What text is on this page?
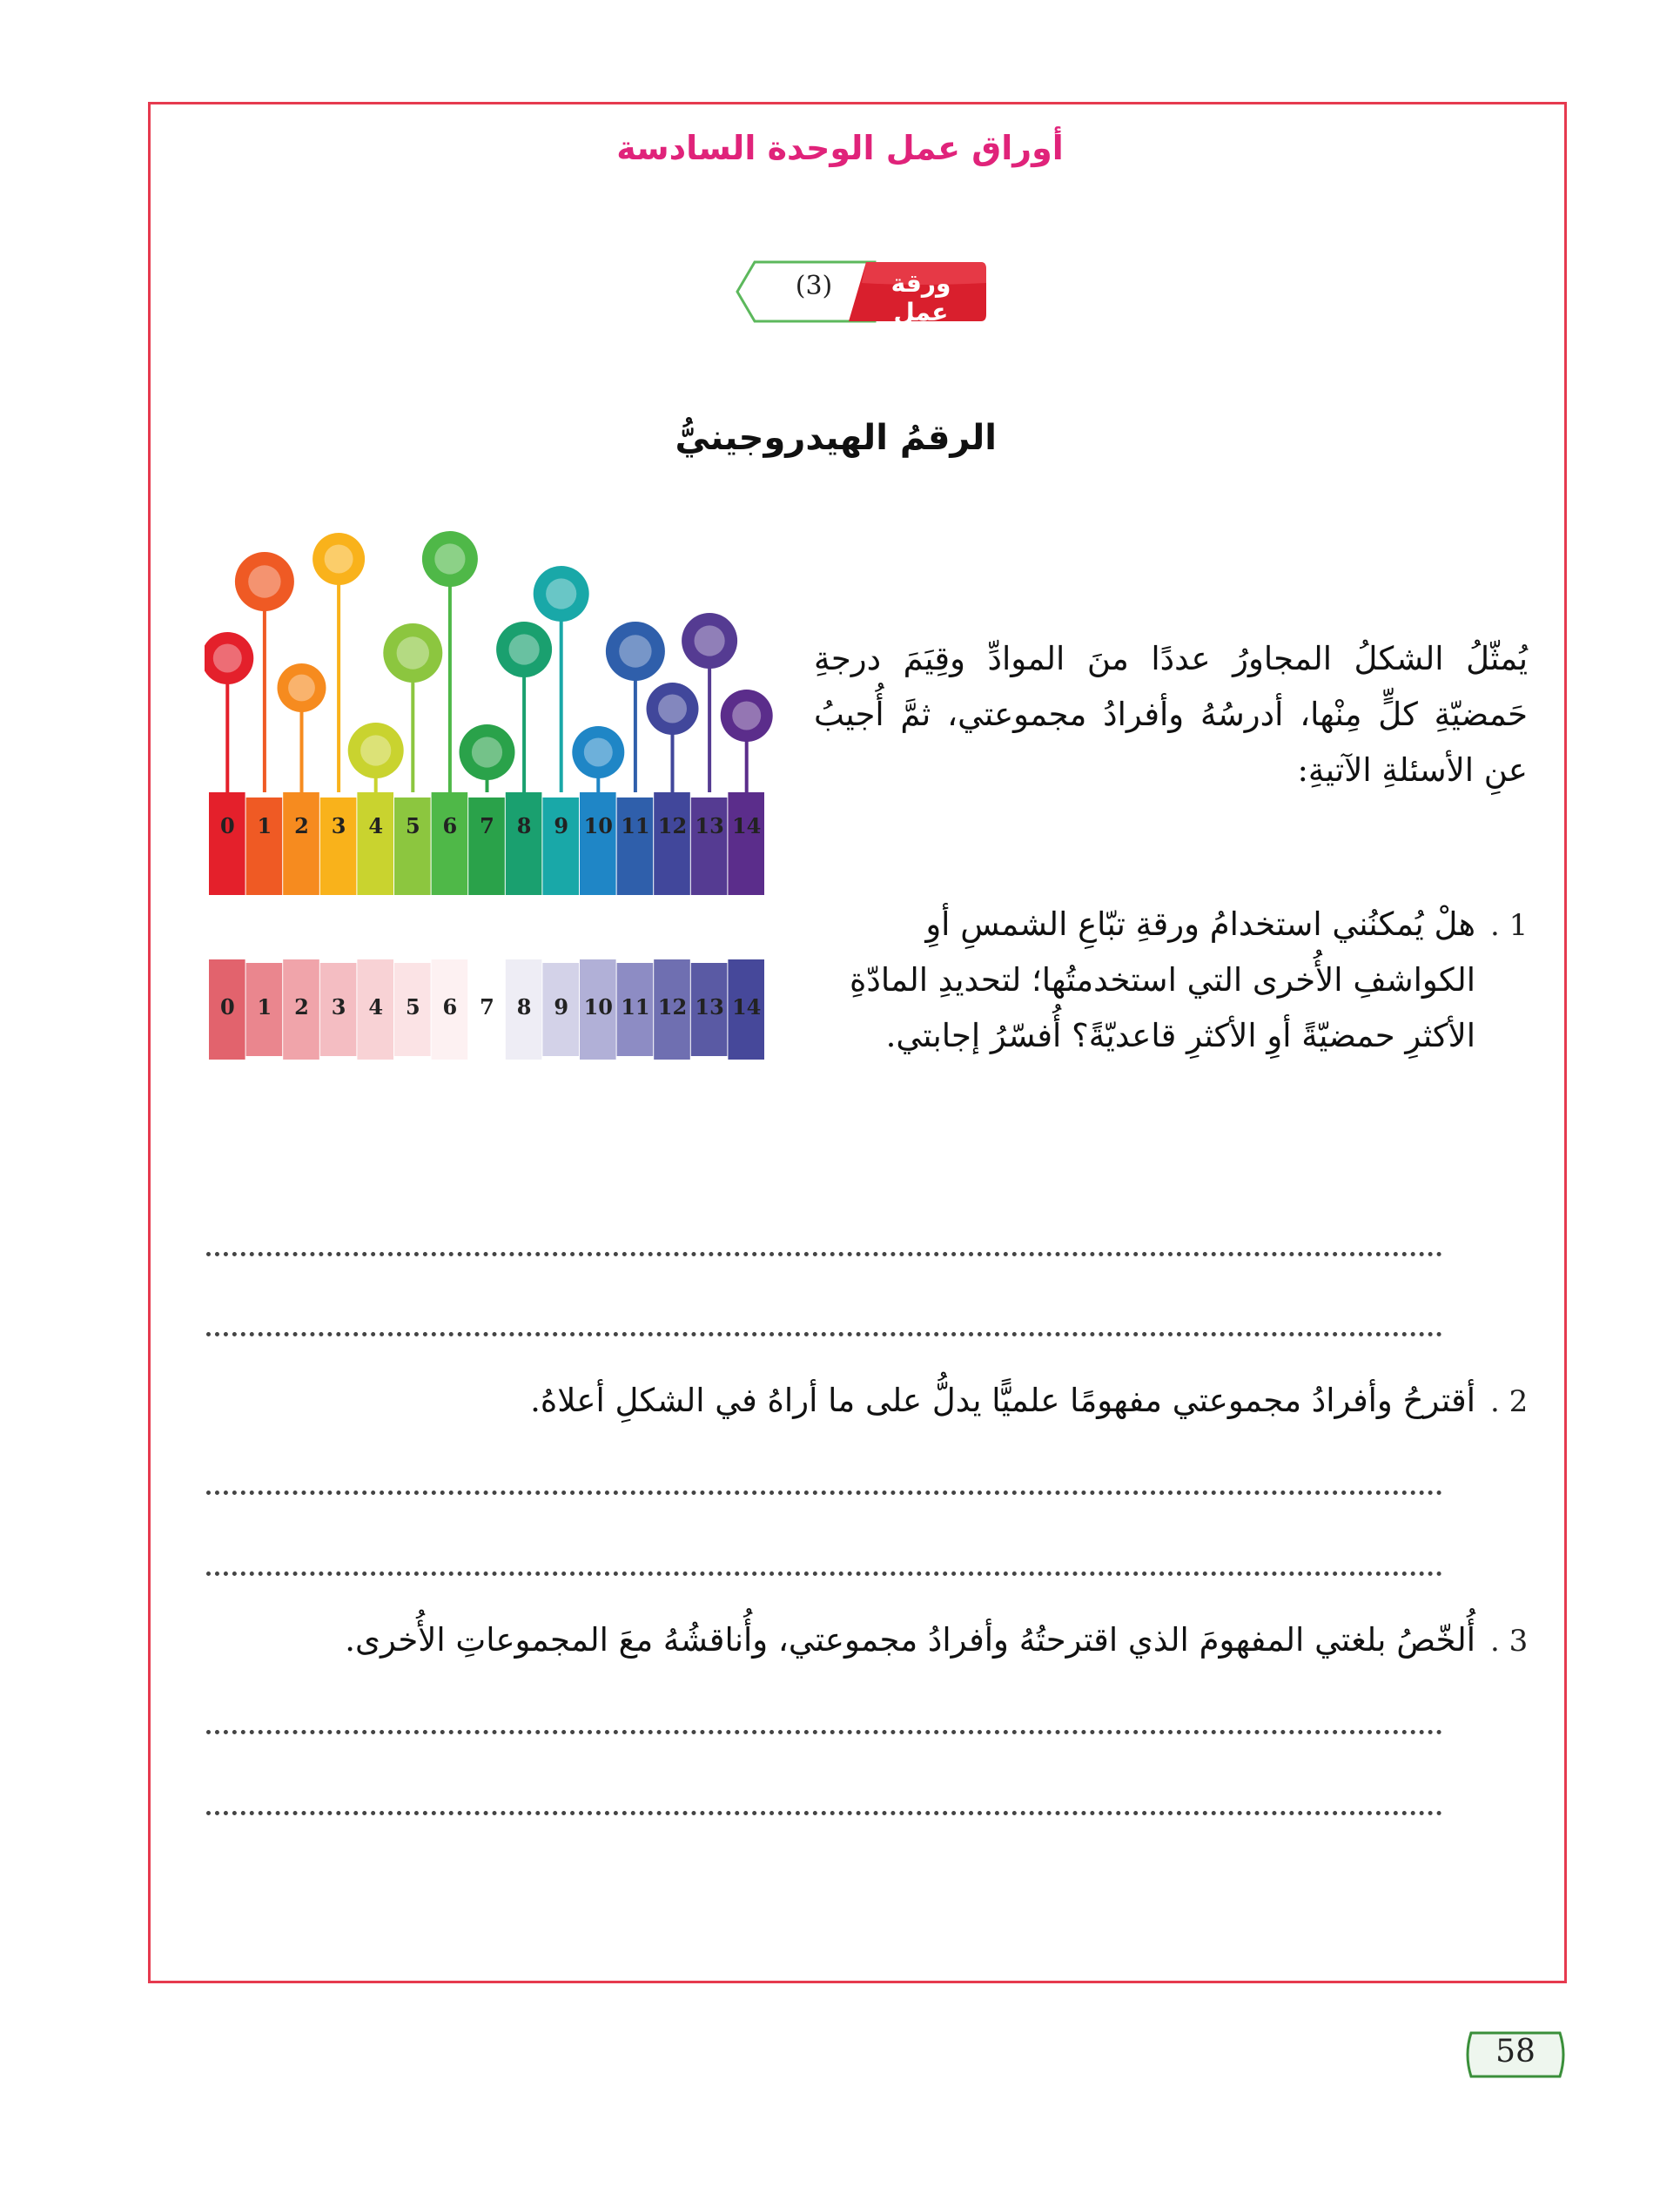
أوراق عمل الوحدة السادسة
ورقة عمل
(3)
الرقمُ الهيدروجينيُّ
0
0
1
1
2
2
3
3
4
4
5
5
6
6
7
7
8
8
9
9
10
10
11
11
12
12
13
13
14
14
يُمثّلُ الشكلُ المجاورُ عددًا منَ الموادِّ وقِيَمَ درجةِ حَمضيّةِ كلٍّ مِنْها، أدرسُهُ وأفرادُ مجموعتي، ثمَّ أُجيبُ عنِ الأسئلةِ الآتيةِ:
. 1
هلْ يُمكنُني استخدامُ ورقةِ تبّاعِ الشمسِ أوِ الكواشفِ الأُخرى التي استخدمتُها؛ لتحديدِ المادّةِ الأكثرِ حمضيّةً أوِ الأكثرِ قاعديّةً؟ أُفسّرُ إجابتي.
. 2
أقترحُ وأفرادُ مجموعتي مفهومًا علميًّا يدلُّ على ما أراهُ في الشكلِ أعلاهُ.
. 3
أُلخّصُ بلغتي المفهومَ الذي اقترحتُهُ وأفرادُ مجموعتي، وأُناقشُهُ معَ المجموعاتِ الأُخرى.
58
